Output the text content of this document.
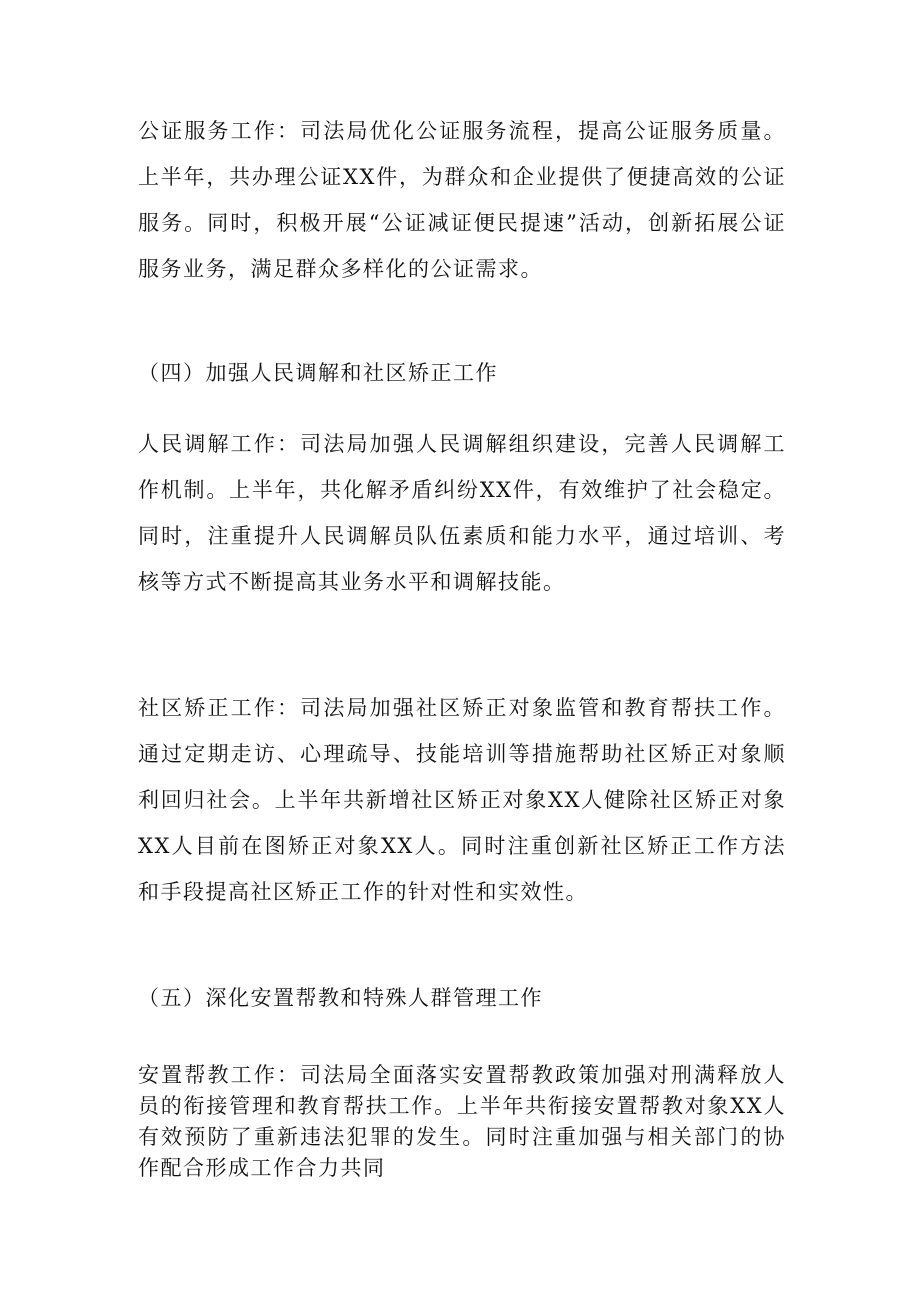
公证服务工作：司法局优化公证服务流程，提高公证服务质量。上半年，共办理公证XX件，为群众和企业提供了便捷高效的公证服务。同时，积极开展“公证减证便民提速”活动，创新拓展公证服务业务，满足群众多样化的公证需求。

（四）加强人民调解和社区矫正工作

人民调解工作：司法局加强人民调解组织建设，完善人民调解工作机制。上半年，共化解矛盾纠纷XX件，有效维护了社会稳定。同时，注重提升人民调解员队伍素质和能力水平，通过培训、考核等方式不断提高其业务水平和调解技能。

社区矫正工作：司法局加强社区矫正对象监管和教育帮扶工作。通过定期走访、心理疏导、技能培训等措施帮助社区矫正对象顺利回归社会。上半年共新增社区矫正对象XX人健除社区矫正对象XX人目前在图矫正对象XX人。同时注重创新社区矫正工作方法和手段提高社区矫正工作的针对性和实效性。

（五）深化安置帮教和特殊人群管理工作

安置帮教工作：司法局全面落实安置帮教政策加强对刑满释放人员的衔接管理和教育帮扶工作。上半年共衔接安置帮教对象XX人有效预防了重新违法犯罪的发生。同时注重加强与相关部门的协作配合形成工作合力共同
